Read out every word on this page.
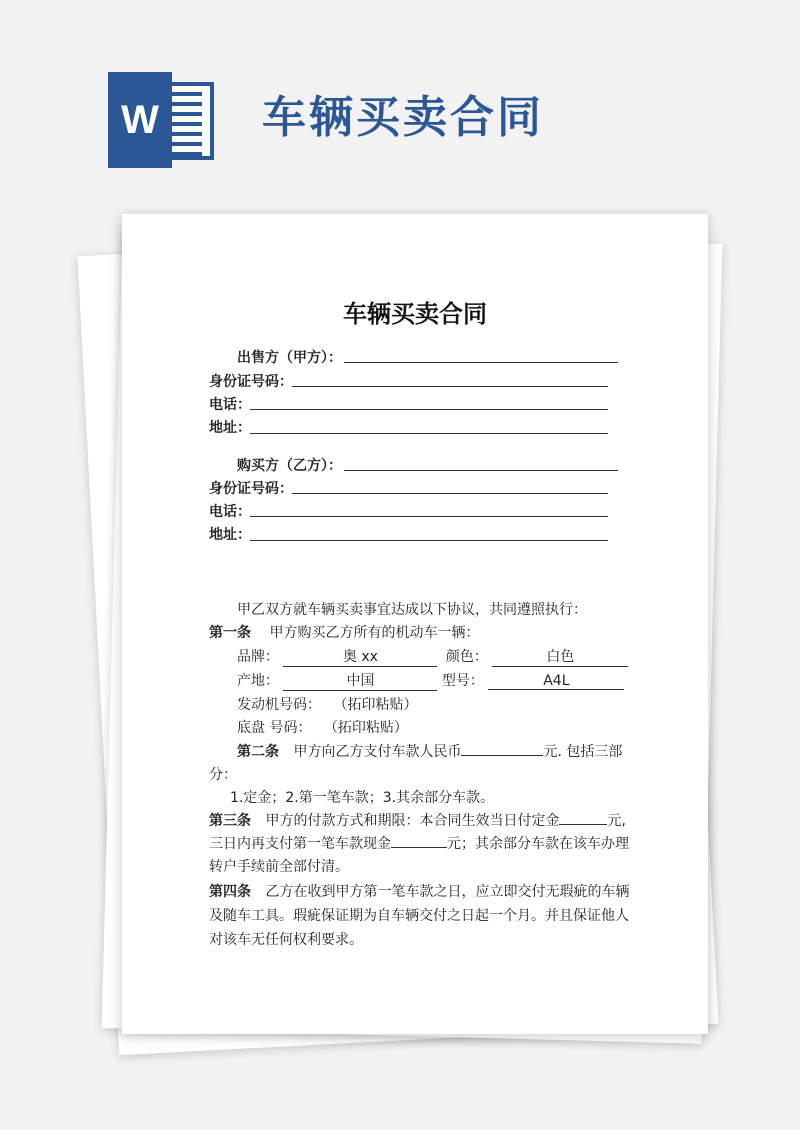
W 车辆买卖合同
车辆买卖合同
出售方（甲方）：
身份证号码：
电话：
地址：
购买方（乙方）：
身份证号码：
电话：
地址：
甲乙双方就车辆买卖事宜达成以下协议，共同遵照执行：
第一条 甲方购买乙方所有的机动车一辆：
品牌：	奥 xx	颜色：	白色
产地：	中国	型号：	A4L
发动机号码： （拓印粘贴）
底盘 号码： （拓印粘贴）
第二条 甲方向乙方支付车款人民币	元. 包括三部
分：
1.定金；2.第一笔车款；3.其余部分车款。
第三条 甲方的付款方式和期限：本合同生效当日付定金	元,
三日内再支付第一笔车款现金	元；其余部分车款在该车办理
转户手续前全部付清。
第四条 乙方在收到甲方第一笔车款之日，应立即交付无瑕疵的车辆
及随车工具。瑕疵保证期为自车辆交付之日起一个月。并且保证他人
对该车无任何权利要求。
